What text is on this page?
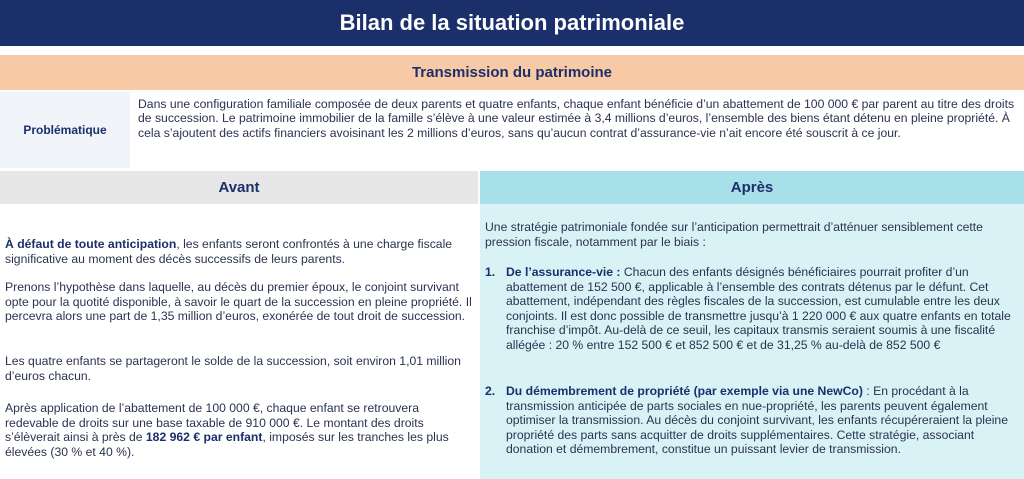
Bilan de la situation patrimoniale
Transmission du patrimoine
Problématique
Dans une configuration familiale composée de deux parents et quatre enfants, chaque enfant bénéficie d’un abattement de 100 000 € par parent au titre des droits de succession. Le patrimoine immobilier de la famille s’élève à une valeur estimée à 3,4 millions d’euros, l’ensemble des biens étant détenu en pleine propriété. À cela s’ajoutent des actifs financiers avoisinant les 2 millions d’euros, sans qu’aucun contrat d’assurance-vie n’ait encore été souscrit à ce jour.
Avant	Après
À défaut de toute anticipation, les enfants seront confrontés à une charge fiscale significative au moment des décès successifs de leurs parents.
Prenons l’hypothèse dans laquelle, au décès du premier époux, le conjoint survivant opte pour la quotité disponible, à savoir le quart de la succession en pleine propriété. Il percevra alors une part de 1,35 million d’euros, exonérée de tout droit de succession.
Les quatre enfants se partageront le solde de la succession, soit environ 1,01 million d’euros chacun.
Après application de l’abattement de 100 000 €, chaque enfant se retrouvera redevable de droits sur une base taxable de 910 000 €. Le montant des droits s’élèverait ainsi à près de 182 962 € par enfant, imposés sur les tranches les plus élevées (30 % et 40 %).
Une stratégie patrimoniale fondée sur l’anticipation permettrait d’atténuer sensiblement cette pression fiscale, notamment par le biais :
1. De l’assurance-vie : Chacun des enfants désignés bénéficiaires pourrait profiter d’un abattement de 152 500 €, applicable à l’ensemble des contrats détenus par le défunt. Cet abattement, indépendant des règles fiscales de la succession, est cumulable entre les deux conjoints. Il est donc possible de transmettre jusqu’à 1 220 000 € aux quatre enfants en totale franchise d’impôt. Au-delà de ce seuil, les capitaux transmis seraient soumis à une fiscalité allégée : 20 % entre 152 500 € et 852 500 € et de 31,25 % au-delà de 852 500 €
2. Du démembrement de propriété (par exemple via une NewCo) : En procédant à la transmission anticipée de parts sociales en nue-propriété, les parents peuvent également optimiser la transmission. Au décès du conjoint survivant, les enfants récupéreraient la pleine propriété des parts sans acquitter de droits supplémentaires. Cette stratégie, associant donation et démembrement, constitue un puissant levier de transmission.
